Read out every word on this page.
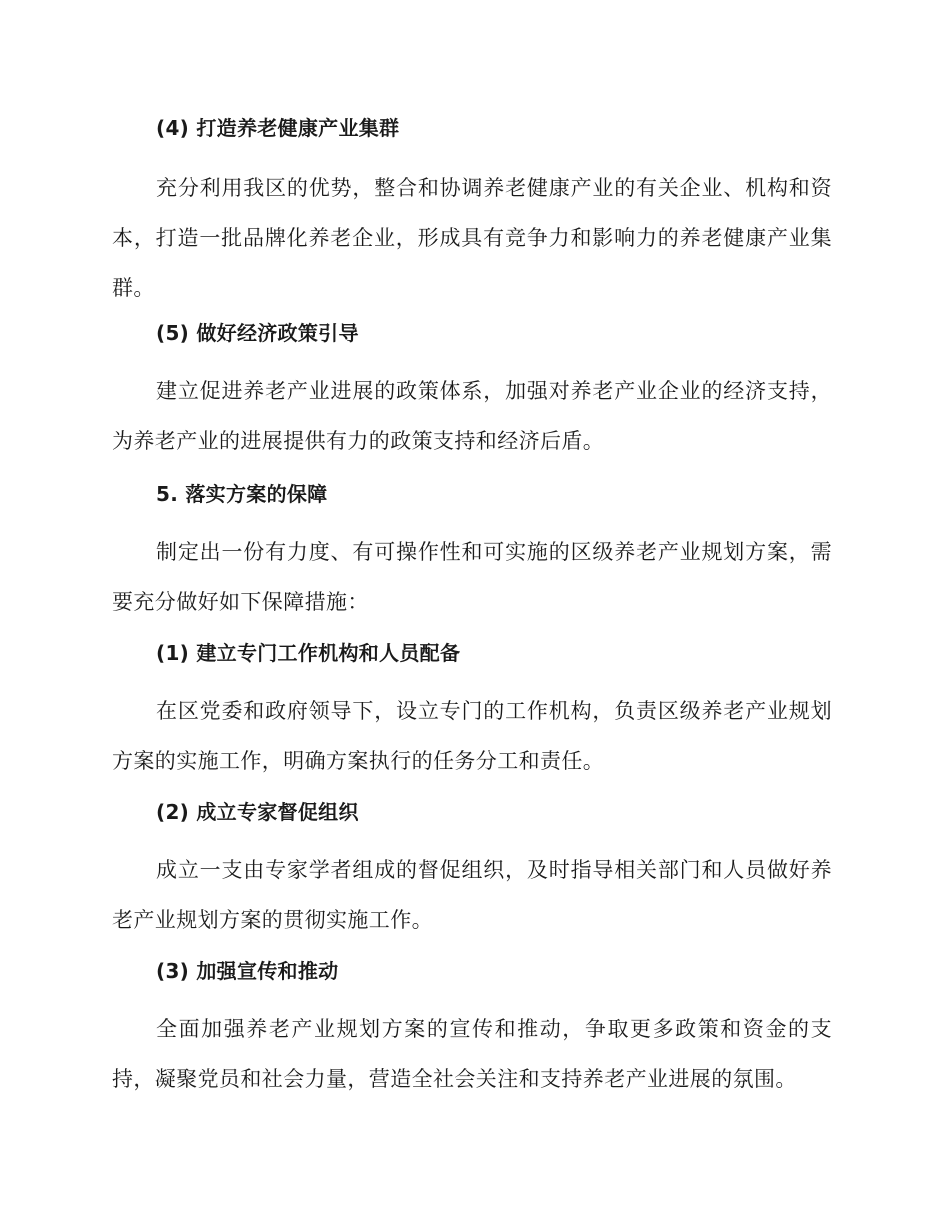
(4) 打造养老健康产业集群

充分利用我区的优势，整合和协调养老健康产业的有关企业、机构和资本，打造一批品牌化养老企业，形成具有竞争力和影响力的养老健康产业集群。

(5) 做好经济政策引导

建立促进养老产业进展的政策体系，加强对养老产业企业的经济支持，为养老产业的进展提供有力的政策支持和经济后盾。

5. 落实方案的保障

制定出一份有力度、有可操作性和可实施的区级养老产业规划方案，需要充分做好如下保障措施：

(1) 建立专门工作机构和人员配备

在区党委和政府领导下，设立专门的工作机构，负责区级养老产业规划方案的实施工作，明确方案执行的任务分工和责任。

(2) 成立专家督促组织

成立一支由专家学者组成的督促组织，及时指导相关部门和人员做好养老产业规划方案的贯彻实施工作。

(3) 加强宣传和推动

全面加强养老产业规划方案的宣传和推动，争取更多政策和资金的支持，凝聚党员和社会力量，营造全社会关注和支持养老产业进展的氛围。
